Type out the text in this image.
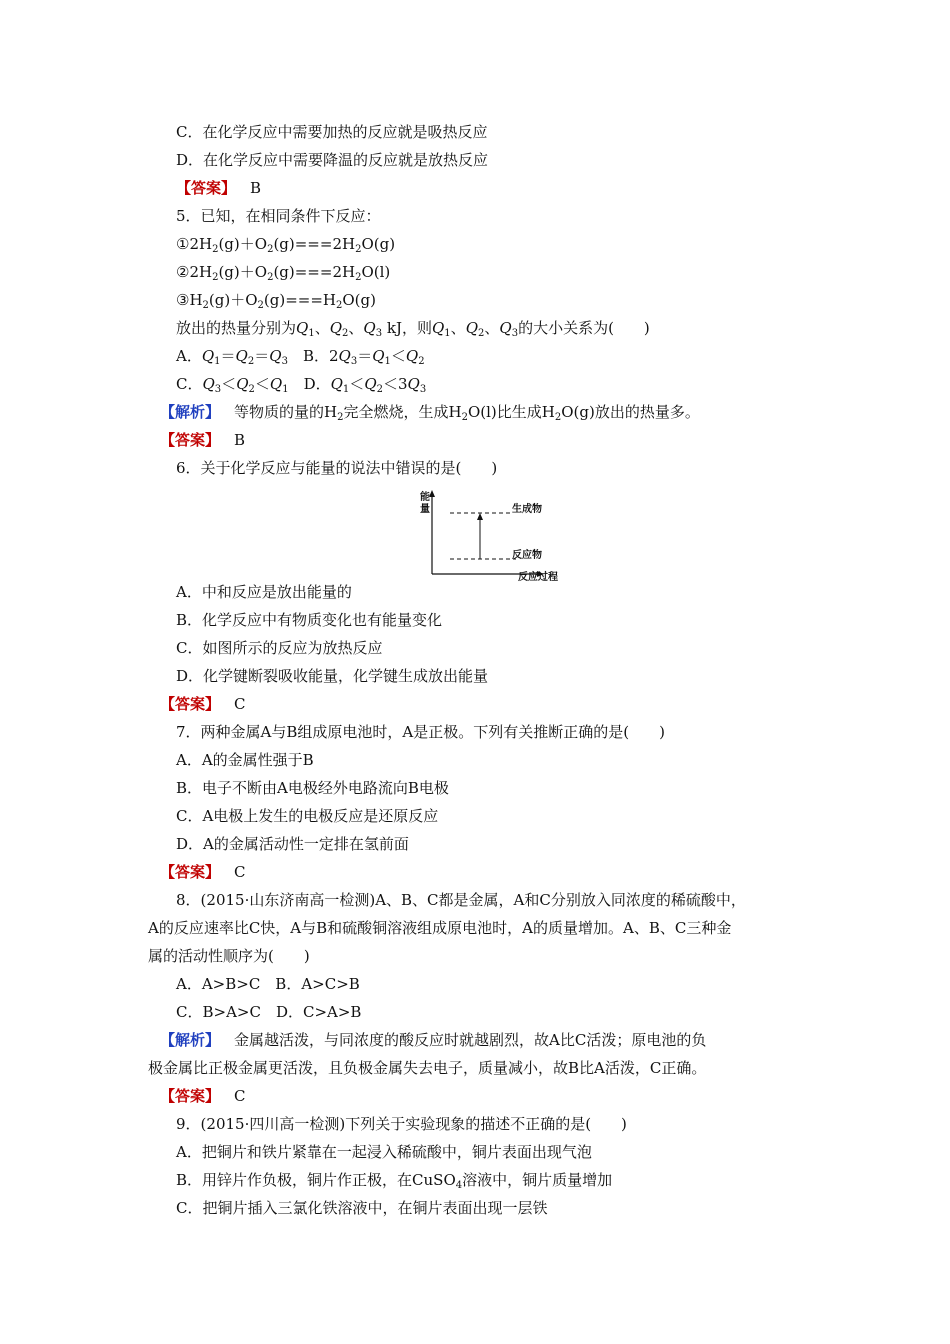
C．在化学反应中需要加热的反应就是吸热反应
D．在化学反应中需要降温的反应就是放热反应
【答案】 B
5．已知，在相同条件下反应：
$①2H_2(g)+O_2(g)===2H_2O(g)$
$②2H_2(g)+O_2(g)===2H_2O(l)$
$③H_2(g)+O_2(g)===H_2O(g)$
放出的热量分别为$Q_1$、$Q_2$、$Q_3$ kJ，则$Q_1$、$Q_2$、$Q_3$的大小关系为(　　)
A．$Q_1=Q_2=Q_3$　B．$2Q_3=Q_1<Q_2$
C．$Q_3<Q_2<Q_1$　D．$Q_1<Q_2<3Q_3$
【解析】 等物质的量的$H_2$完全燃烧，生成$H_2O(l)$比生成$H_2O(g)$放出的热量多。
【答案】 B
6．关于化学反应与能量的说法中错误的是(　　)
能
量	生成物
反应物
反应过程
A．中和反应是放出能量的
B．化学反应中有物质变化也有能量变化
C．如图所示的反应为放热反应
D．化学键断裂吸收能量，化学键生成放出能量
【答案】 C
7．两种金属A与B组成原电池时，A是正极。下列有关推断正确的是(　　)
A．A的金属性强于B
B．电子不断由A电极经外电路流向B电极
C．A电极上发生的电极反应是还原反应
D．A的金属活动性一定排在氢前面
【答案】 C
8．(2015·山东济南高一检测)A、B、C都是金属，A和C分别放入同浓度的稀硫酸中，
A的反应速率比C快，A与B和硫酸铜溶液组成原电池时，A的质量增加。A、B、C三种金
属的活动性顺序为(　　)
A．A>B>C　B．A>C>B
C．B>A>C　D．C>A>B
【解析】 金属越活泼，与同浓度的酸反应时就越剧烈，故A比C活泼；原电池的负
极金属比正极金属更活泼，且负极金属失去电子，质量减小，故B比A活泼，C正确。
【答案】 C
9．(2015·四川高一检测)下列关于实验现象的描述不正确的是(　　)
A．把铜片和铁片紧靠在一起浸入稀硫酸中，铜片表面出现气泡
B．用锌片作负极，铜片作正极，在CuSO$_4$溶液中，铜片质量增加
C．把铜片插入三氯化铁溶液中，在铜片表面出现一层铁
